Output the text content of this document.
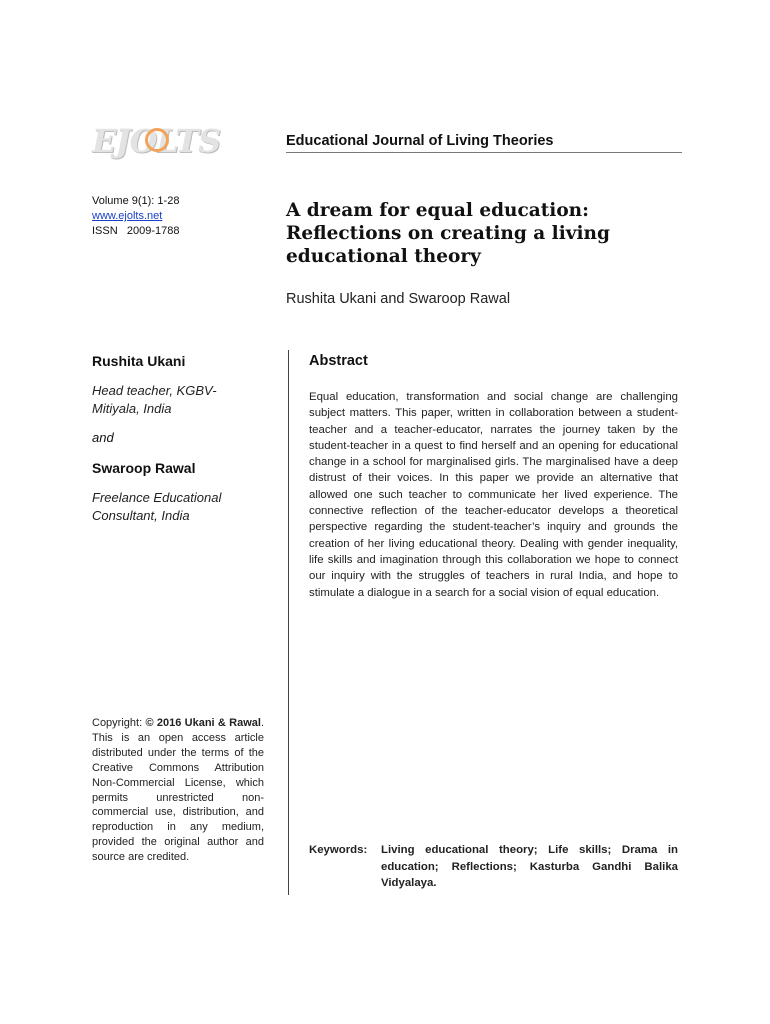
EJOLTS	Educational Journal of Living Theories
Volume 9(1): 1-28
www.ejolts.net
ISSN   2009-1788
A dream for equal education: Reflections on creating a living educational theory
Rushita Ukani and Swaroop Rawal
Rushita Ukani
Head teacher, KGBV-Mitiyala, India
and
Swaroop Rawal
Freelance Educational Consultant, India
Abstract
Equal education, transformation and social change are challenging subject matters. This paper, written in collaboration between a student-teacher and a teacher-educator, narrates the journey taken by the student-teacher in a quest to find herself and an opening for educational change in a school for marginalised girls. The marginalised have a deep distrust of their voices. In this paper we provide an alternative that allowed one such teacher to communicate her lived experience. The connective reflection of the teacher-educator develops a theoretical perspective regarding the student-teacher’s inquiry and grounds the creation of her living educational theory. Dealing with gender inequality, life skills and imagination through this collaboration we hope to connect our inquiry with the struggles of teachers in rural India, and hope to stimulate a dialogue in a search for a social vision of equal education.
Copyright: © 2016 Ukani & Rawal. This is an open access article distributed under the terms of the Creative Commons Attribution Non-Commercial License, which permits unrestricted non-commercial use, distribution, and reproduction in any medium, provided the original author and source are credited.
Keywords:	Living educational theory; Life skills; Drama in education; Reflections; Kasturba Gandhi Balika Vidyalaya.
